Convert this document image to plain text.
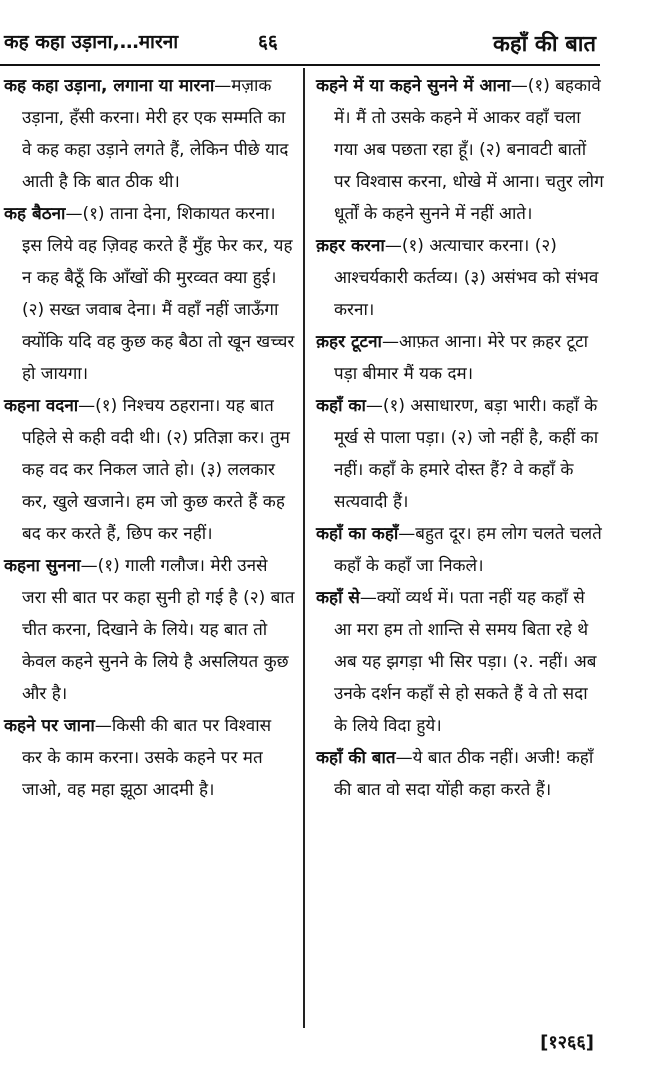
कह कहा उड़ाना,…मारना	६६	कहाँ की बात

कह कहा उड़ाना, लगाना या मारना—मज़ाक उड़ाना, हँसी करना। मेरी हर एक सम्मति का वे कह कहा उड़ाने लगते हैं, लेकिन पीछे याद आती है कि बात ठीक थी।

कह बैठना—(१) ताना देना, शिकायत करना। इस लिये वह ज़िवह करते हैं मुँह फेर कर, यह न कह बैठूँ कि आँखों की मुरव्वत क्या हुई। (२) सख्त जवाब देना। मैं वहाँ नहीं जाऊँगा क्योंकि यदि वह कुछ कह बैठा तो खून खच्चर हो जायगा।

कहना वदना—(१) निश्चय ठहराना। यह बात पहिले से कही वदी थी। (२) प्रतिज्ञा कर। तुम कह वद कर निकल जाते हो। (३) ललकार कर, खुले खजाने। हम जो कुछ करते हैं कह बद कर करते हैं, छिप कर नहीं।

कहना सुनना—(१) गाली गलौज। मेरी उनसे जरा सी बात पर कहा सुनी हो गई है (२) बात चीत करना, दिखाने के लिये। यह बात तो केवल कहने सुनने के लिये है असलियत कुछ और है।

कहने पर जाना—किसी की बात पर विश्वास कर के काम करना। उसके कहने पर मत जाओ, वह महा झूठा आदमी है।

कहने में या कहने सुनने में आना—(१) बहकावे में। मैं तो उसके कहने में आकर वहाँ चला गया अब पछता रहा हूँ। (२) बनावटी बातों पर विश्वास करना, धोखे में आना। चतुर लोग धूर्तों के कहने सुनने में नहीं आते।

क़हर करना—(१) अत्याचार करना। (२) आश्चर्यकारी कर्तव्य। (३) असंभव को संभव करना।

क़हर टूटना—आफ़त आना। मेरे पर क़हर टूटा पड़ा बीमार मैं यक दम।

कहाँ का—(१) असाधारण, बड़ा भारी। कहाँ के मूर्ख से पाला पड़ा। (२) जो नहीं है, कहीं का नहीं। कहाँ के हमारे दोस्त हैं? वे कहाँ के सत्यवादी हैं।

कहाँ का कहाँ—बहुत दूर। हम लोग चलते चलते कहाँ के कहाँ जा निकले।

कहाँ से—क्यों व्यर्थ में। पता नहीं यह कहाँ से आ मरा हम तो शान्ति से समय बिता रहे थे अब यह झगड़ा भी सिर पड़ा। (२. नहीं। अब उनके दर्शन कहाँ से हो सकते हैं वे तो सदा के लिये विदा हुये।

कहाँ की बात—ये बात ठीक नहीं। अजी! कहाँ की बात वो सदा योंही कहा करते हैं।

[१२६६]
